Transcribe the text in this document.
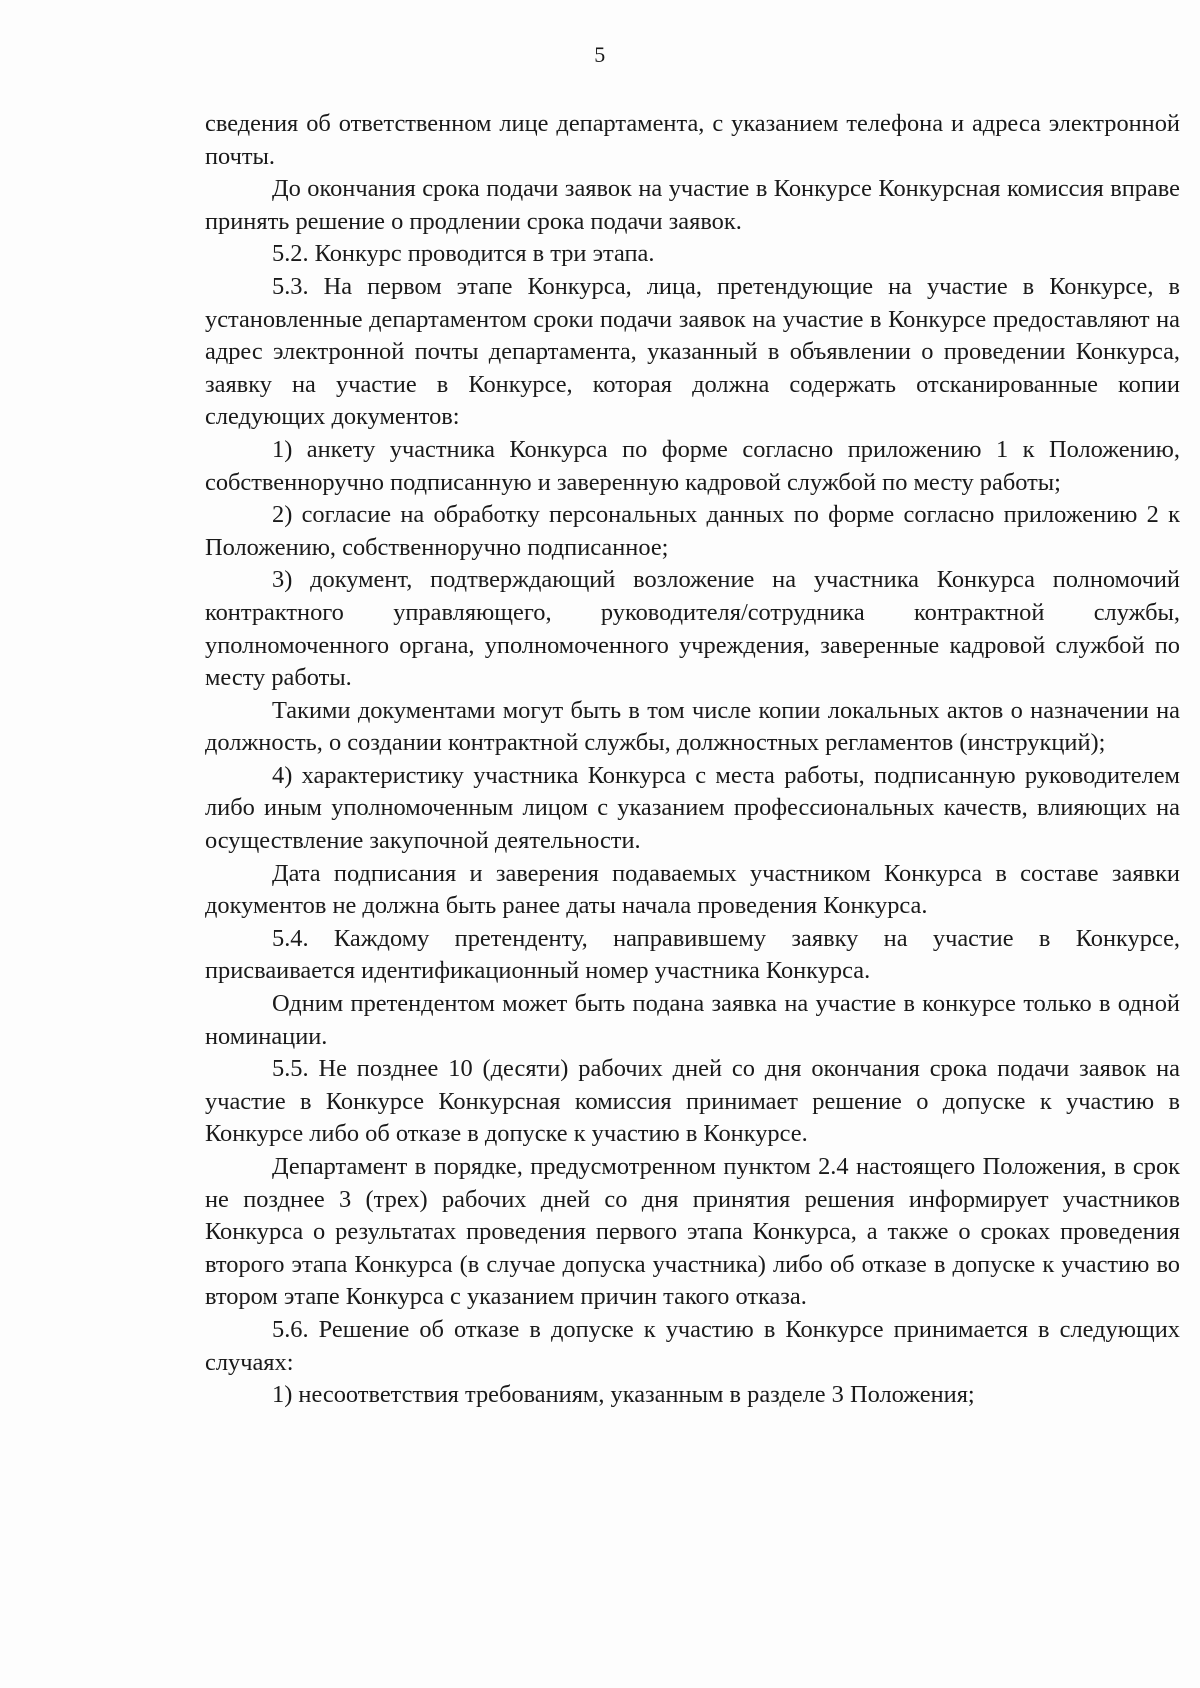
5

сведения об ответственном лице департамента, с указанием телефона и адреса электронной почты.

До окончания срока подачи заявок на участие в Конкурсе Конкурсная комиссия вправе принять решение о продлении срока подачи заявок.

5.2. Конкурс проводится в три этапа.

5.3. На первом этапе Конкурса, лица, претендующие на участие в Конкурсе, в установленные департаментом сроки подачи заявок на участие в Конкурсе предоставляют на адрес электронной почты департамента, указанный в объявлении о проведении Конкурса, заявку на участие в Конкурсе, которая должна содержать отсканированные копии следующих документов:

1) анкету участника Конкурса по форме согласно приложению 1 к Положению, собственноручно подписанную и заверенную кадровой службой по месту работы;

2) согласие на обработку персональных данных по форме согласно приложению 2 к Положению, собственноручно подписанное;

3) документ, подтверждающий возложение на участника Конкурса полномочий контрактного управляющего, руководителя/сотрудника контрактной службы, уполномоченного органа, уполномоченного учреждения, заверенные кадровой службой по месту работы.

Такими документами могут быть в том числе копии локальных актов о назначении на должность, о создании контрактной службы, должностных регламентов (инструкций);

4) характеристику участника Конкурса с места работы, подписанную руководителем либо иным уполномоченным лицом с указанием профессиональных качеств, влияющих на осуществление закупочной деятельности.

Дата подписания и заверения подаваемых участником Конкурса в составе заявки документов не должна быть ранее даты начала проведения Конкурса.

5.4. Каждому претенденту, направившему заявку на участие в Конкурсе, присваивается идентификационный номер участника Конкурса.

Одним претендентом может быть подана заявка на участие в конкурсе только в одной номинации.

5.5. Не позднее 10 (десяти) рабочих дней со дня окончания срока подачи заявок на участие в Конкурсе Конкурсная комиссия принимает решение о допуске к участию в Конкурсе либо об отказе в допуске к участию в Конкурсе.

Департамент в порядке, предусмотренном пунктом 2.4 настоящего Положения, в срок не позднее 3 (трех) рабочих дней со дня принятия решения информирует участников Конкурса о результатах проведения первого этапа Конкурса, а также о сроках проведения второго этапа Конкурса (в случае допуска участника) либо об отказе в допуске к участию во втором этапе Конкурса с указанием причин такого отказа.

5.6. Решение об отказе в допуске к участию в Конкурсе принимается в следующих случаях:

1) несоответствия требованиям, указанным в разделе 3 Положения;
